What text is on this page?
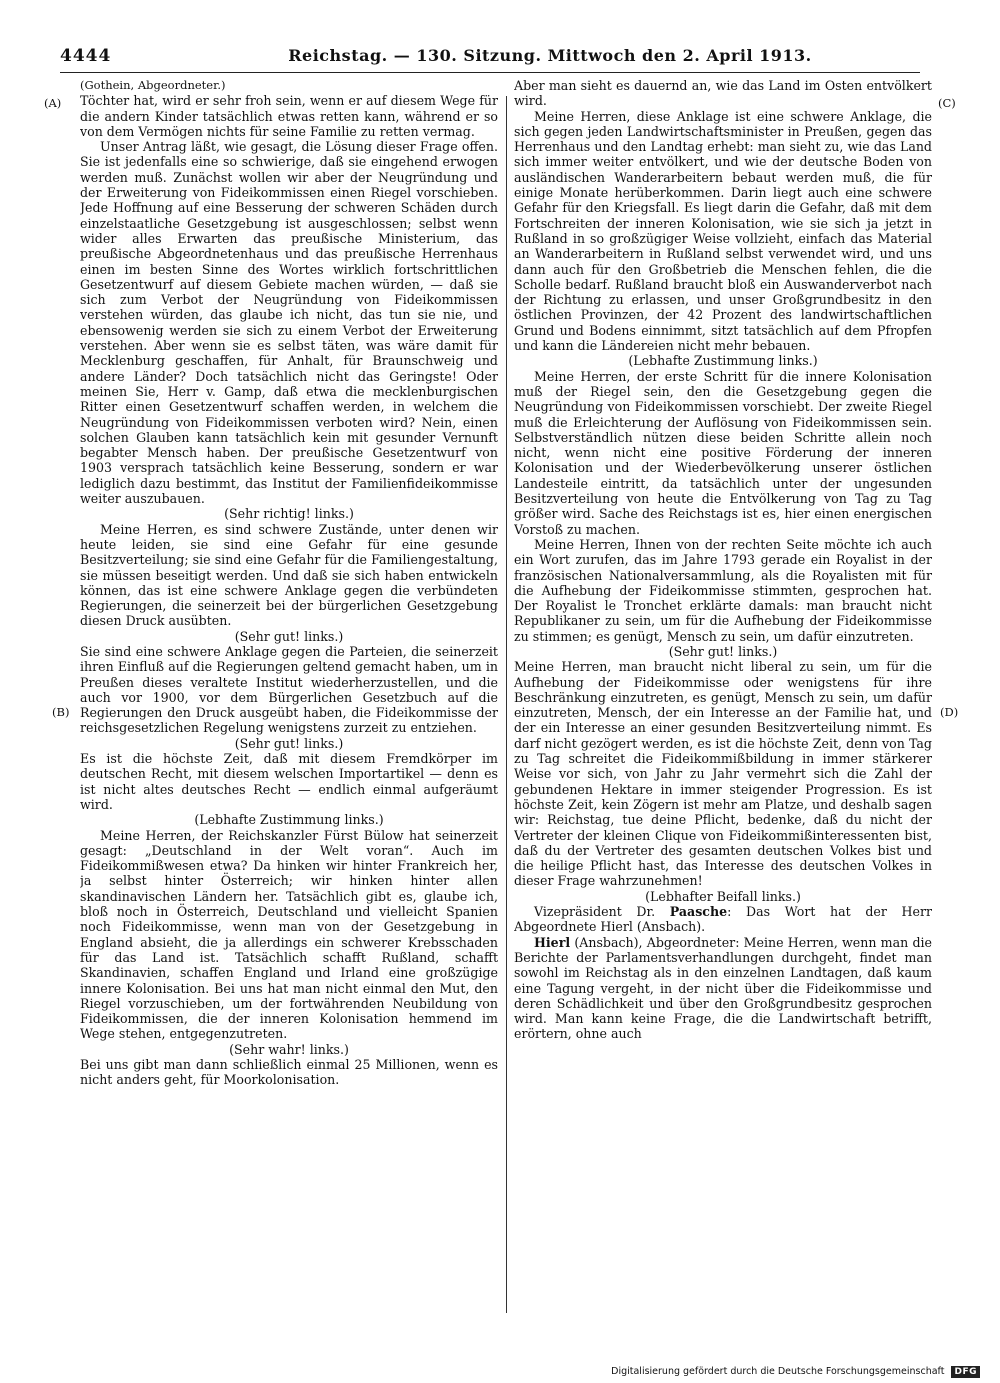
4444	Reichstag. — 130. Sitzung. Mittwoch den 2. April 1913.
(A)
(B)
(C)
(D)

(Gothein, Abgeordneter.)

Töchter hat, wird er sehr froh sein, wenn er auf diesem Wege für die andern Kinder tatsächlich etwas retten kann, während er so von dem Vermögen nichts für seine Familie zu retten vermag.

Unser Antrag läßt, wie gesagt, die Lösung dieser Frage offen. Sie ist jedenfalls eine so schwierige, daß sie eingehend erwogen werden muß. Zunächst wollen wir aber der Neugründung und der Erweiterung von Fideikommissen einen Riegel vorschieben. Jede Hoffnung auf eine Besserung der schweren Schäden durch einzelstaatliche Gesetzgebung ist ausgeschlossen; selbst wenn wider alles Erwarten das preußische Ministerium, das preußische Abgeordnetenhaus und das preußische Herrenhaus einen im besten Sinne des Wortes wirklich fortschrittlichen Gesetzentwurf auf diesem Gebiete machen würden, — daß sie sich zum Verbot der Neugründung von Fideikommissen verstehen würden, das glaube ich nicht, das tun sie nie, und ebensowenig werden sie sich zu einem Verbot der Erweiterung verstehen. Aber wenn sie es selbst täten, was wäre damit für Mecklenburg geschaffen, für Anhalt, für Braunschweig und andere Länder? Doch tatsächlich nicht das Geringste! Oder meinen Sie, Herr v. Gamp, daß etwa die mecklenburgischen Ritter einen Gesetzentwurf schaffen werden, in welchem die Neugründung von Fideikommissen verboten wird? Nein, einen solchen Glauben kann tatsächlich kein mit gesunder Vernunft begabter Mensch haben. Der preußische Gesetzentwurf von 1903 versprach tatsächlich keine Besserung, sondern er war lediglich dazu bestimmt, das Institut der Familienfideikommisse weiter auszubauen.

(Sehr richtig! links.)

Meine Herren, es sind schwere Zustände, unter denen wir heute leiden, sie sind eine Gefahr für eine gesunde Besitzverteilung; sie sind eine Gefahr für die Familiengestaltung, sie müssen beseitigt werden. Und daß sie sich haben entwickeln können, das ist eine schwere Anklage gegen die verbündeten Regierungen, die seinerzeit bei der bürgerlichen Gesetzgebung diesen Druck ausübten.

(Sehr gut! links.)

Sie sind eine schwere Anklage gegen die Parteien, die seinerzeit ihren Einfluß auf die Regierungen geltend gemacht haben, um in Preußen dieses veraltete Institut wiederherzustellen, und die auch vor 1900, vor dem Bürgerlichen Gesetzbuch auf die Regierungen den Druck ausgeübt haben, die Fideikommisse der reichsgesetzlichen Regelung wenigstens zurzeit zu entziehen.

(Sehr gut! links.)

Es ist die höchste Zeit, daß mit diesem Fremdkörper im deutschen Recht, mit diesem welschen Importartikel — denn es ist nicht altes deutsches Recht — endlich einmal aufgeräumt wird.

(Lebhafte Zustimmung links.)

Meine Herren, der Reichskanzler Fürst Bülow hat seinerzeit gesagt: „Deutschland in der Welt voran“. Auch im Fideikommißwesen etwa? Da hinken wir hinter Frankreich her, ja selbst hinter Österreich; wir hinken hinter allen skandinavischen Ländern her. Tatsächlich gibt es, glaube ich, bloß noch in Österreich, Deutschland und vielleicht Spanien noch Fideikommisse, wenn man von der Gesetzgebung in England absieht, die ja allerdings ein schwerer Krebsschaden für das Land ist. Tatsächlich schafft Rußland, schafft Skandinavien, schaffen England und Irland eine großzügige innere Kolonisation. Bei uns hat man nicht einmal den Mut, den Riegel vorzuschieben, um der fortwährenden Neubildung von Fideikommissen, die der inneren Kolonisation hemmend im Wege stehen, entgegenzutreten.

(Sehr wahr! links.)

Bei uns gibt man dann schließlich einmal 25 Millionen, wenn es nicht anders geht, für Moorkolonisation.

Aber man sieht es dauernd an, wie das Land im Osten entvölkert wird.

Meine Herren, diese Anklage ist eine schwere Anklage, die sich gegen jeden Landwirtschaftsminister in Preußen, gegen das Herrenhaus und den Landtag erhebt: man sieht zu, wie das Land sich immer weiter entvölkert, und wie der deutsche Boden von ausländischen Wanderarbeitern bebaut werden muß, die für einige Monate herüberkommen. Darin liegt auch eine schwere Gefahr für den Kriegsfall. Es liegt darin die Gefahr, daß mit dem Fortschreiten der inneren Kolonisation, wie sie sich ja jetzt in Rußland in so großzügiger Weise vollzieht, einfach das Material an Wanderarbeitern in Rußland selbst verwendet wird, und uns dann auch für den Großbetrieb die Menschen fehlen, die die Scholle bedarf. Rußland braucht bloß ein Auswanderverbot nach der Richtung zu erlassen, und unser Großgrundbesitz in den östlichen Provinzen, der 42 Prozent des landwirtschaftlichen Grund und Bodens einnimmt, sitzt tatsächlich auf dem Pfropfen und kann die Ländereien nicht mehr bebauen.

(Lebhafte Zustimmung links.)

Meine Herren, der erste Schritt für die innere Kolonisation muß der Riegel sein, den die Gesetzgebung gegen die Neugründung von Fideikommissen vorschiebt. Der zweite Riegel muß die Erleichterung der Auflösung von Fideikommissen sein. Selbstverständlich nützen diese beiden Schritte allein noch nicht, wenn nicht eine positive Förderung der inneren Kolonisation und der Wiederbevölkerung unserer östlichen Landesteile eintritt, da tatsächlich unter der ungesunden Besitzverteilung von heute die Entvölkerung von Tag zu Tag größer wird. Sache des Reichstags ist es, hier einen energischen Vorstoß zu machen.

Meine Herren, Ihnen von der rechten Seite möchte ich auch ein Wort zurufen, das im Jahre 1793 gerade ein Royalist in der französischen Nationalversammlung, als die Royalisten mit für die Aufhebung der Fideikommisse stimmten, gesprochen hat. Der Royalist le Tronchet erklärte damals: man braucht nicht Republikaner zu sein, um für die Aufhebung der Fideikommisse zu stimmen; es genügt, Mensch zu sein, um dafür einzutreten.

(Sehr gut! links.)

Meine Herren, man braucht nicht liberal zu sein, um für die Aufhebung der Fideikommisse oder wenigstens für ihre Beschränkung einzutreten, es genügt, Mensch zu sein, um dafür einzutreten, Mensch, der ein Interesse an der Familie hat, und der ein Interesse an einer gesunden Besitzverteilung nimmt. Es darf nicht gezögert werden, es ist die höchste Zeit, denn von Tag zu Tag schreitet die Fideikommißbildung in immer stärkerer Weise vor sich, von Jahr zu Jahr vermehrt sich die Zahl der gebundenen Hektare in immer steigender Progression. Es ist höchste Zeit, kein Zögern ist mehr am Platze, und deshalb sagen wir: Reichstag, tue deine Pflicht, bedenke, daß du nicht der Vertreter der kleinen Clique von Fideikommißinteressenten bist, daß du der Vertreter des gesamten deutschen Volkes bist und die heilige Pflicht hast, das Interesse des deutschen Volkes in dieser Frage wahrzunehmen!

(Lebhafter Beifall links.)

Vizepräsident Dr. Paasche: Das Wort hat der Herr Abgeordnete Hierl (Ansbach).

Hierl (Ansbach), Abgeordneter: Meine Herren, wenn man die Berichte der Parlamentsverhandlungen durchgeht, findet man sowohl im Reichstag als in den einzelnen Landtagen, daß kaum eine Tagung vergeht, in der nicht über die Fideikommisse und deren Schädlichkeit und über den Großgrundbesitz gesprochen wird. Man kann keine Frage, die die Landwirtschaft betrifft, erörtern, ohne auch

Digitalisierung gefördert durch die Deutsche Forschungsgemeinschaft DFG
